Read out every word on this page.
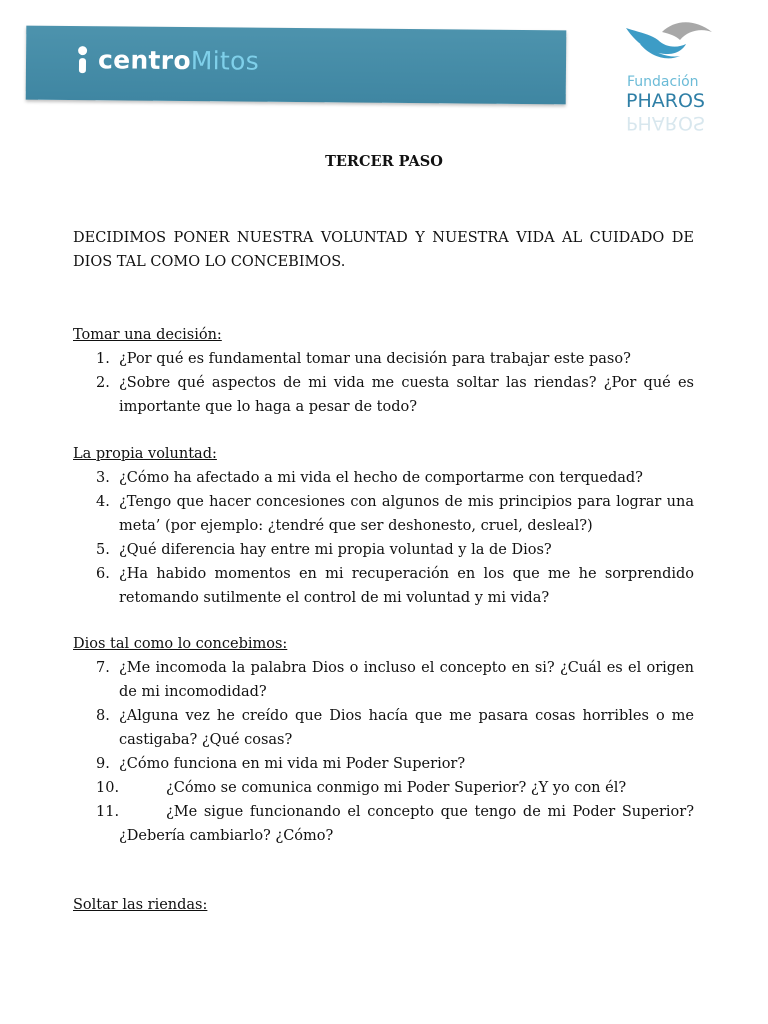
centro Mitos
Fundación
PHAROS
PHAROS
TERCER PASO
DECIDIMOS PONER NUESTRA VOLUNTAD Y NUESTRA VIDA AL CUIDADO DE DIOS TAL COMO LO CONCEBIMOS.
Tomar una decisión:
1. ¿Por qué es fundamental tomar una decisión para trabajar este paso?
2. ¿Sobre qué aspectos de mi vida me cuesta soltar las riendas? ¿Por qué es importante que lo haga a pesar de todo?
La propia voluntad:
3. ¿Cómo ha afectado a mi vida el hecho de comportarme con terquedad?
4. ¿Tengo que hacer concesiones con algunos de mis principios para lograr una meta’ (por ejemplo: ¿tendré que ser deshonesto, cruel, desleal?)
5. ¿Qué diferencia hay entre mi propia voluntad y la de Dios?
6. ¿Ha habido momentos en mi recuperación en los que me he sorprendido retomando sutilmente el control de mi voluntad y mi vida?
Dios tal como lo concebimos:
7. ¿Me incomoda la palabra Dios o incluso el concepto en si? ¿Cuál es el origen de mi incomodidad?
8. ¿Alguna vez he creído que Dios hacía que me pasara cosas horribles o me castigaba? ¿Qué cosas?
9. ¿Cómo funciona en mi vida mi Poder Superior?
10.	¿Cómo se comunica conmigo mi Poder Superior? ¿Y yo con él?
11.	¿Me sigue funcionando el concepto que tengo de mi Poder Superior? ¿Debería cambiarlo? ¿Cómo?
Soltar las riendas:
